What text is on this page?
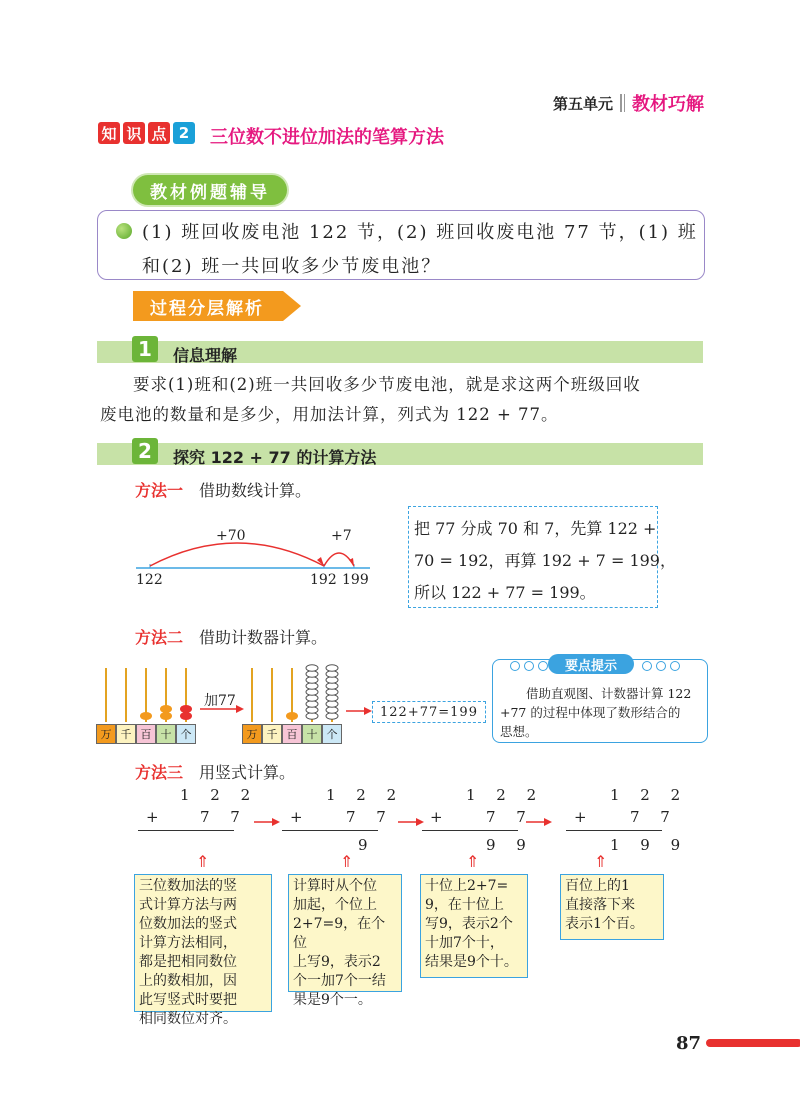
第五单元 教材巧解
知 识 点 2	三位数不进位加法的笔算方法
教材例题辅导
(1) 班回收废电池 122 节，(2) 班回收废电池 77 节，(1) 班
和(2) 班一共回收多少节废电池？
过程分层解析
1	信息理解
要求(1)班和(2)班一共回收多少节废电池，就是求这两个班级回收
废电池的数量和是多少，用加法计算，列式为 122 + 77。
2	探究 122 + 77 的计算方法
方法一 借助数线计算。
+70	+7
122	192 199
把 77 分成 70 和 7，先算 122 +
70 = 192，再算 192 + 7 = 199，
所以 122 + 77 = 199。
方法二 借助计数器计算。
万 千 百 十 个
加77
万 千 百 十 个
122+77=199
要点提示
借助直观图、计数器计算 122
+77 的过程中体现了数形结合的
思想。
方法三 用竖式计算。
1 2 2
+	7 7
1 2 2
+	7 7
9
1 2 2
+	7 7
9 9
1 2 2
+	7 7
1 9 9
⇑	⇑	⇑	⇑
三位数加法的竖
式计算方法与两
位数加法的竖式
计算方法相同，
都是把相同数位
上的数相加，因
此写竖式时要把
相同数位对齐。
计算时从个位
加起，个位上
2+7=9，在个位
上写9，表示2
个一加7个一结
果是9个一。
十位上2+7=
9，在十位上
写9，表示2个
十加7个十，
结果是9个十。
百位上的1
直接落下来
表示1个百。
87
